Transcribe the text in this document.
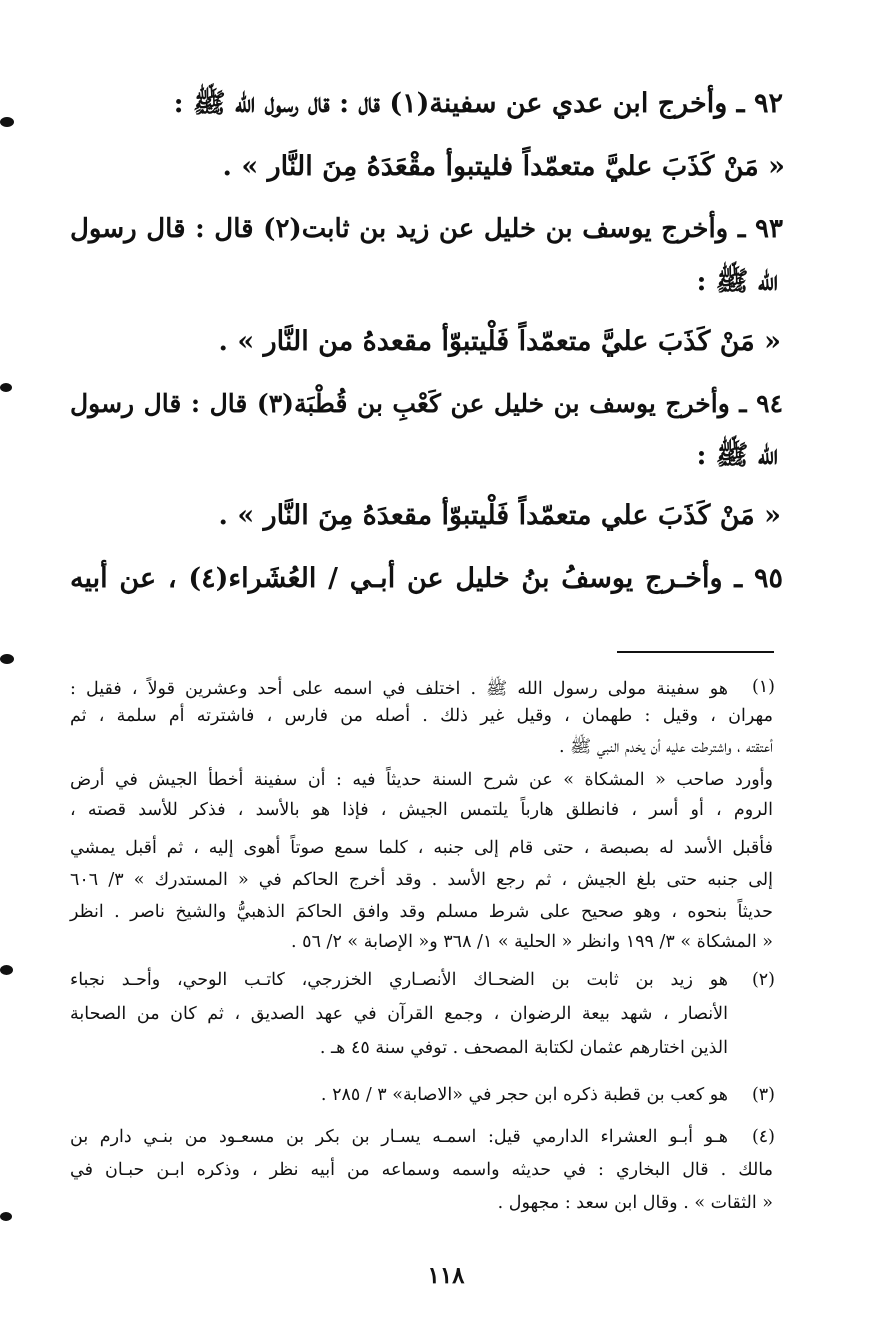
٩٢ ـ وأخرج ابن عدي عن سفينة(١) قال : قال رسول الله ﷺ :
« مَنْ كَذَبَ عليَّ متعمّداً فليتبوأ مقْعَدَهُ مِنَ النَّار » .
٩٣ ـ وأخرج يوسف بن خليل عن زيد بن ثابت(٢) قال : قال رسول
الله ﷺ :
« مَنْ كَذَبَ عليَّ متعمّداً فَلْيتبوّأ مقعدهُ من النَّار » .
٩٤ ـ وأخرج يوسف بن خليل عن كَعْبِ بن قُطْبَة(٣) قال : قال رسول
الله ﷺ :
« مَنْ كَذَبَ علي متعمّداً فَلْيتبوّأ مقعدَهُ مِنَ النَّار » .
٩٥ ـ وأخـرج يوسفُ بنُ خليل عن أبـي / العُشَراء(٤) ، عن أبيه
(١)
هو سفينة مولى رسول الله ﷺ . اختلف في اسمه على أحد وعشرين قولاً ، فقيل :
مهران ، وقيل : طهمان ، وقيل غير ذلك . أصله من فارس ، فاشترته أم سلمة ، ثم
أعتقته ، واشترطت عليه أن يخدم النبي ﷺ .
وأورد صاحب « المشكاة » عن شرح السنة حديثاً فيه : أن سفينة أخطأ الجيش في أرض
الروم ، أو أسر ، فانطلق هارباً يلتمس الجيش ، فإذا هو بالأسد ، فذكر للأسد قصته ،
فأقبل الأسد له بصبصة ، حتى قام إلى جنبه ، كلما سمع صوتاً أهوى إليه ، ثم أقبل يمشي
إلى جنبه حتى بلغ الجيش ، ثم رجع الأسد . وقد أخرج الحاكم في « المستدرك » ٣/ ٦٠٦
حديثاً بنحوه ، وهو صحيح على شرط مسلم وقد وافق الحاكمَ الذهبيُّ والشيخ ناصر . انظر
« المشكاة » ٣/ ١٩٩ وانظر « الحلية » ١/ ٣٦٨ و« الإصابة » ٢/ ٥٦ .
(٢)
هو زيد بن ثابت بن الضحـاك الأنصـاري الخزرجي، كاتـب الوحي، وأحـد نجباء
الأنصار ، شهد بيعة الرضوان ، وجمع القرآن في عهد الصديق ، ثم كان من الصحابة
الذين اختارهم عثمان لكتابة المصحف . توفي سنة ٤٥ هـ .
(٣)
هو كعب بن قطبة ذكره ابن حجر في «الاصابة» ٣ / ٢٨٥ .
(٤)
هـو أبـو العشراء الدارمي قيل: اسمـه يسـار بن بكر بن مسعـود من بنـي دارم بن
مالك . قال البخاري : في حديثه واسمه وسماعه من أبيه نظر ، وذكره ابـن حبـان في
« الثقات » . وقال ابن سعد : مجهول .
١١٨
